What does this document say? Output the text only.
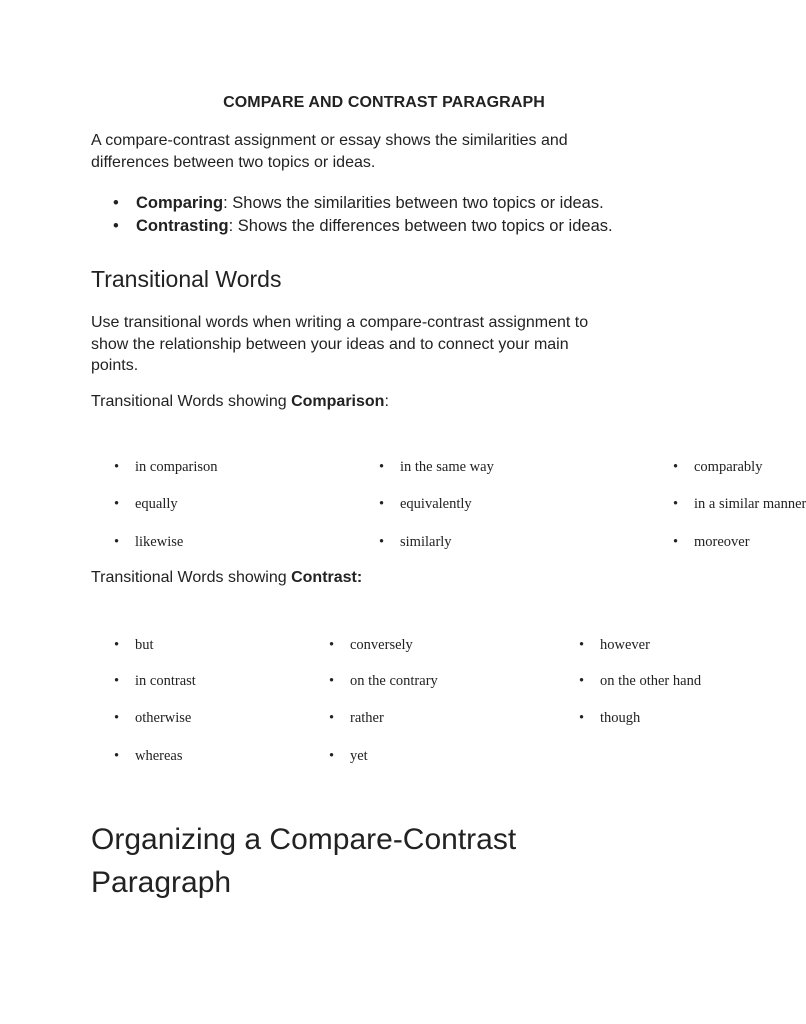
COMPARE AND CONTRAST PARAGRAPH
A compare-contrast assignment or essay shows the similarities and
differences between two topics or ideas.
• Comparing: Shows the similarities between two topics or ideas.
• Contrasting: Shows the differences between two topics or ideas.
Transitional Words
Use transitional words when writing a compare-contrast assignment to
show the relationship between your ideas and to connect your main
points.
Transitional Words showing Comparison:
• in comparison	• in the same way	• comparably
• equally	• equivalently	• in a similar manner
• likewise	• similarly	• moreover
Transitional Words showing Contrast:
• but	• conversely	• however
• in contrast	• on the contrary	• on the other hand
• otherwise	• rather	• though
• whereas	• yet
Organizing a Compare-Contrast
Paragraph
